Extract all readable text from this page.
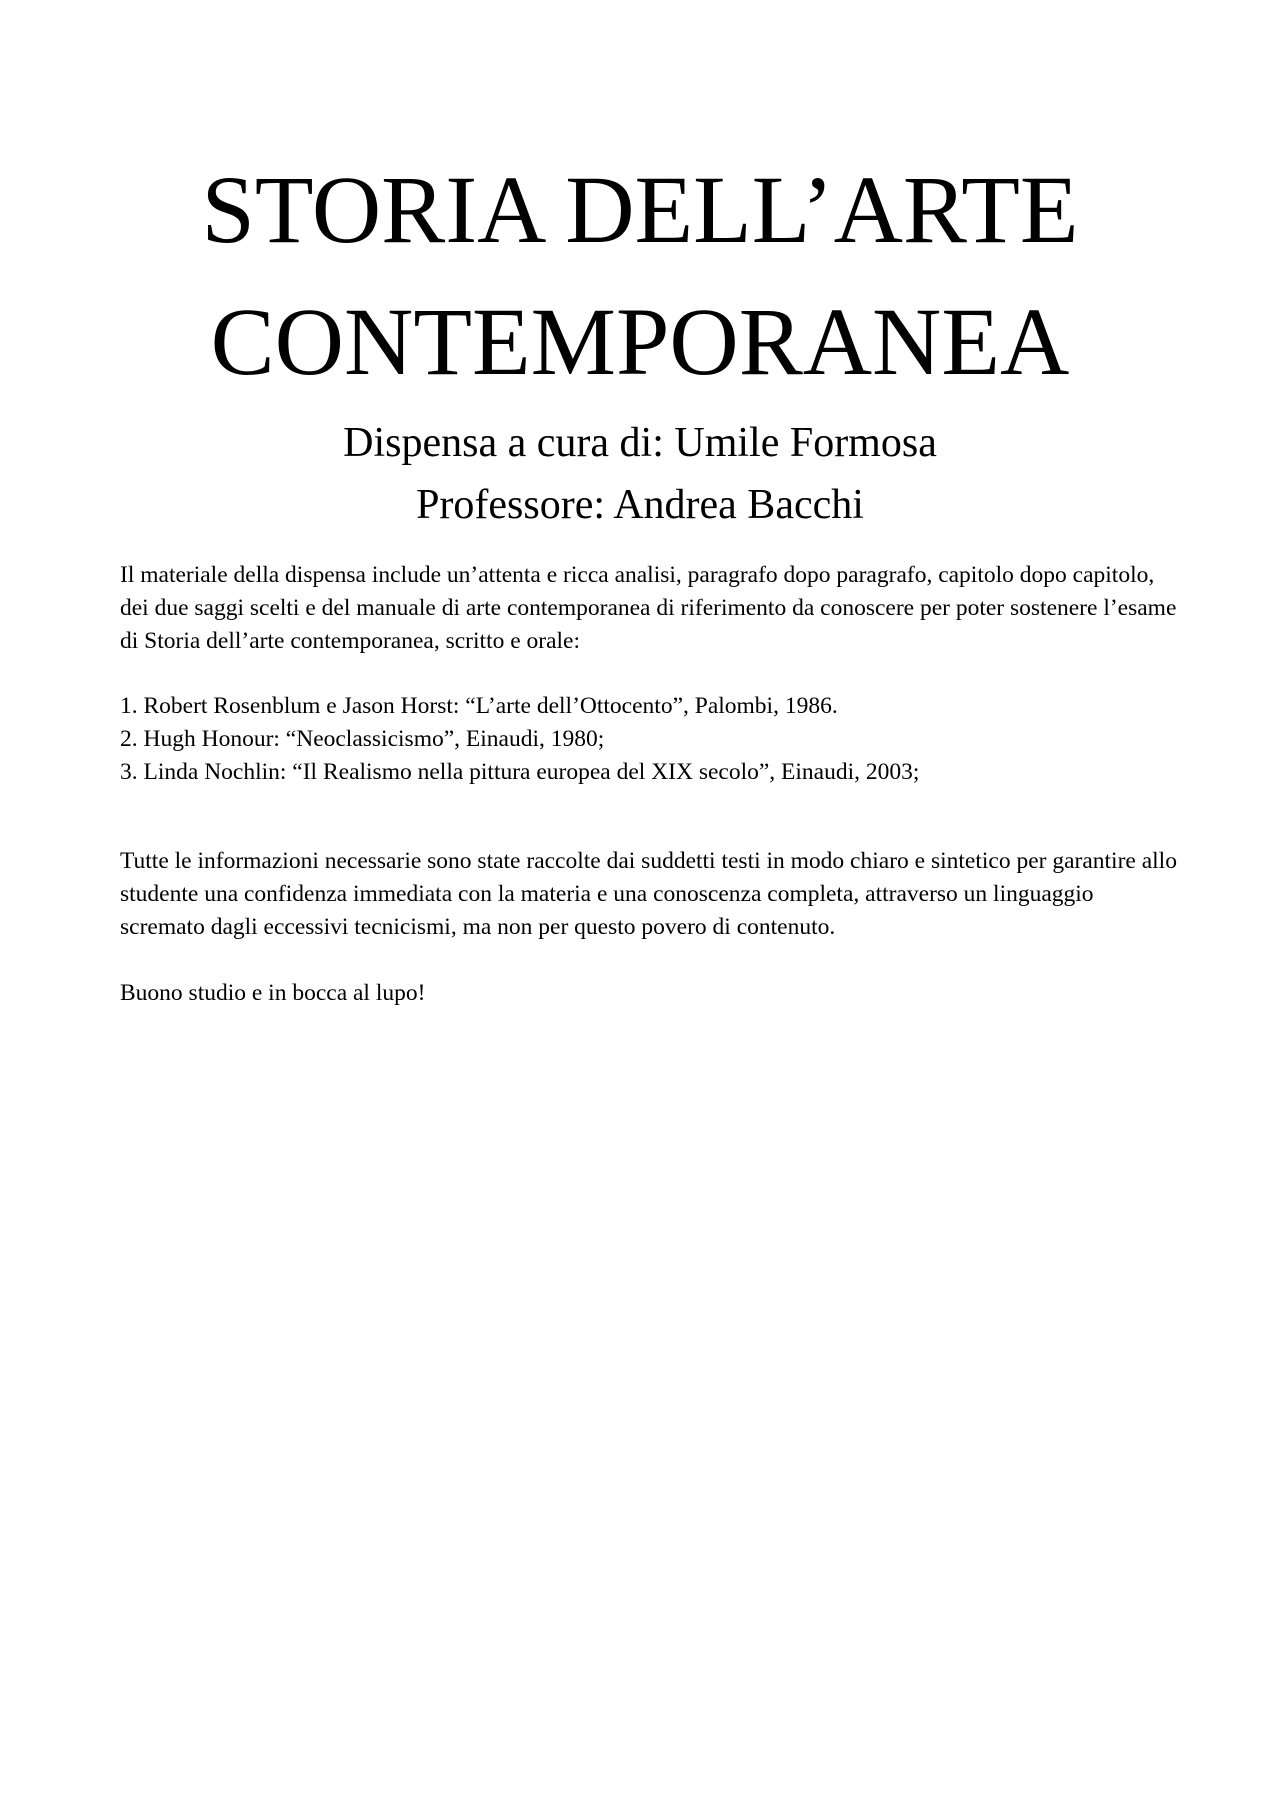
STORIA DELL’ARTE
CONTEMPORANEA

Dispensa a cura di: Umile Formosa

Professore: Andrea Bacchi

Il materiale della dispensa include un’attenta e ricca analisi, paragrafo dopo paragrafo, capitolo dopo capitolo, dei due saggi scelti e del manuale di arte contemporanea di riferimento da conoscere per poter sostenere l’esame di Storia dell’arte contemporanea, scritto e orale:

1. Robert Rosenblum e Jason Horst: “L’arte dell’Ottocento”, Palombi, 1986.
2. Hugh Honour: “Neoclassicismo”, Einaudi, 1980;
3. Linda Nochlin: “Il Realismo nella pittura europea del XIX secolo”, Einaudi, 2003;

Tutte le informazioni necessarie sono state raccolte dai suddetti testi in modo chiaro e sintetico per garantire allo studente una confidenza immediata con la materia e una conoscenza completa, attraverso un linguaggio scremato dagli eccessivi tecnicismi, ma non per questo povero di contenuto.

Buono studio e in bocca al lupo!
